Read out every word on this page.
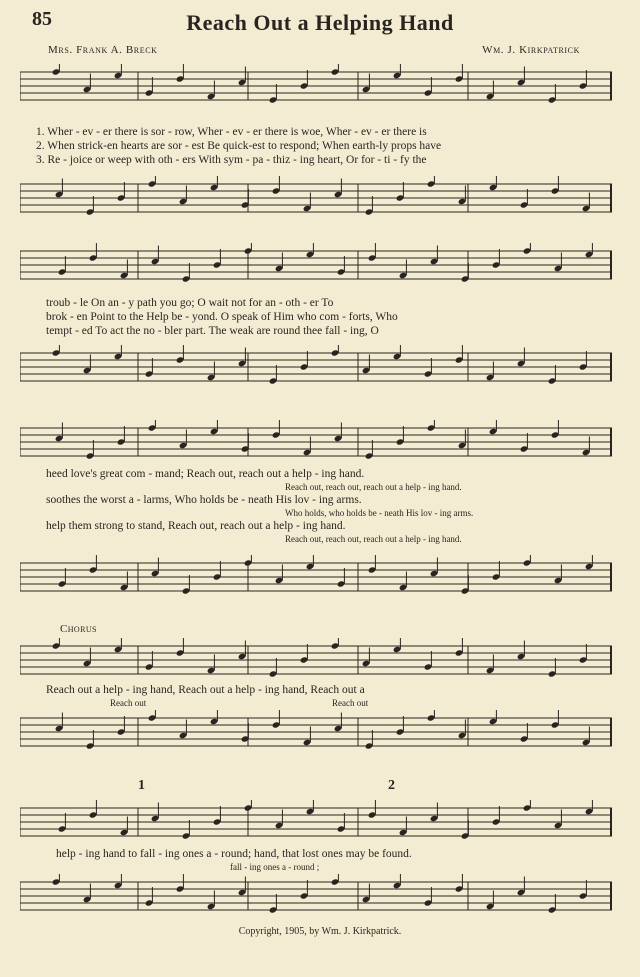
85	Reach Out a Helping Hand
Mrs. Frank A. Breck	Wm. J. Kirkpatrick
1. Wher - ev - er there is sor - row, Wher - ev - er there is woe, Wher - ev - er there is
2. When strick-en hearts are sor - est Be quick-est to respond; When earth-ly props have
3. Re - joice or weep with oth - ers With sym - pa - thiz - ing heart, Or for - ti - fy the
troub - le On an - y path you go; O wait not for an - oth - er To
brok - en Point to the Help be - yond. O speak of Him who com - forts, Who
tempt - ed To act the no - bler part. The weak are round thee fall - ing, O
heed love's great com - mand; Reach out, reach out a help - ing hand.
Reach out, reach out, reach out a help - ing hand.
soothes the worst a - larms, Who holds be - neath His lov - ing arms.
Who holds, who holds be - neath His lov - ing arms.
help them strong to stand, Reach out, reach out a help - ing hand.
Reach out, reach out, reach out a help - ing hand.
Chorus
Reach out a help - ing hand, Reach out a help - ing hand, Reach out a
Reach out	Reach out
1	2
help - ing hand to fall - ing ones a - round; hand, that lost ones may be found.
fall - ing ones a - round ;
Copyright, 1905, by Wm. J. Kirkpatrick.
